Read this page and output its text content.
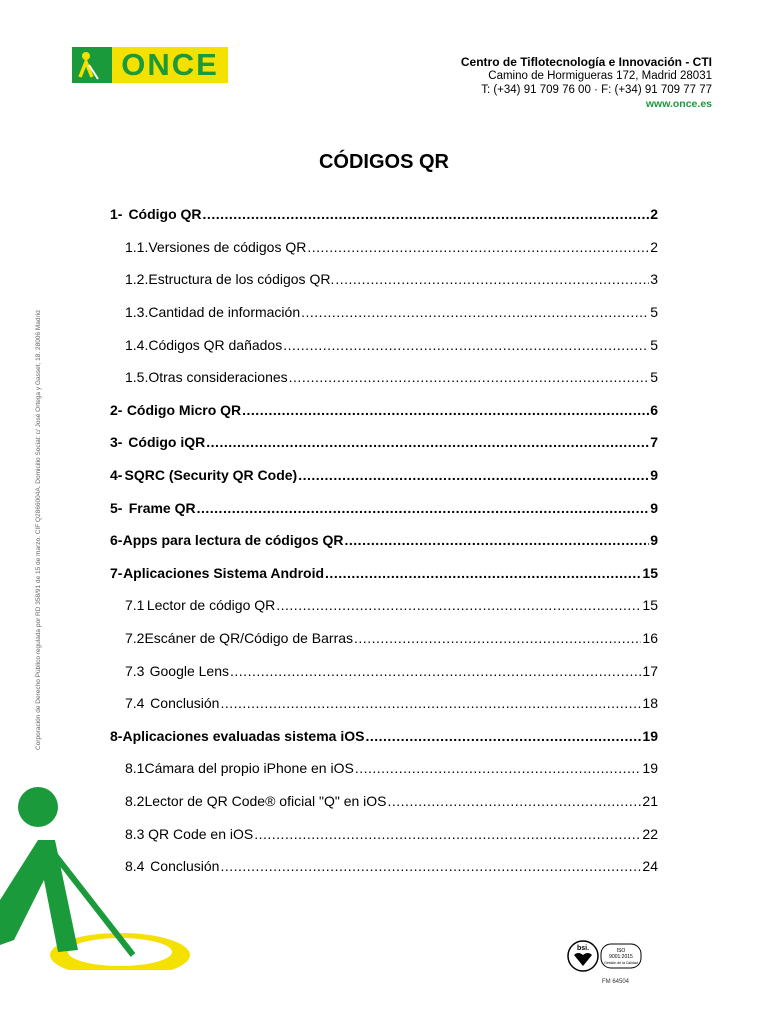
ONCE	Centro de Tiflotecnología e Innovación - CTI
Camino de Hormigueras 172, Madrid 28031
T: (+34) 91 709 76 00 · F: (+34) 91 709 77 77
www.once.es
CÓDIGOS QR
1- Código QR .....	2
1.1. Versiones de códigos QR .....	2
1.2. Estructura de los códigos QR. .....	3
1.3. Cantidad de información .....	5
1.4. Códigos QR dañados .....	5
1.5. Otras consideraciones .....	5
2- Código Micro QR .....	6
3- Código iQR .....	7
4- SQRC (Security QR Code) .....	9
5- Frame QR .....	9
6- Apps para lectura de códigos QR .....	9
7- Aplicaciones Sistema Android .....	15
7.1 Lector de código QR .....	15
7.2 Escáner de QR/Código de Barras .....	16
7.3 Google Lens .....	17
7.4 Conclusión .....	18
8- Aplicaciones evaluadas sistema iOS .....	19
8.1 Cámara del propio iPhone en iOS .....	19
8.2 Lector de QR Code® oficial "Q" en iOS .....	21
8.3 QR Code en iOS .....	22
8.4 Conclusión .....	24
Corporación de Derecho Público regulada por RD 358/91 de 15 de marzo. CIF Q2866004A. Domicilio Social: c/ José Ortega y Gasset, 18. 28006 Madrid
bsi.	ISO
9001:2015
Gestión de la Calidad
FM 64504
